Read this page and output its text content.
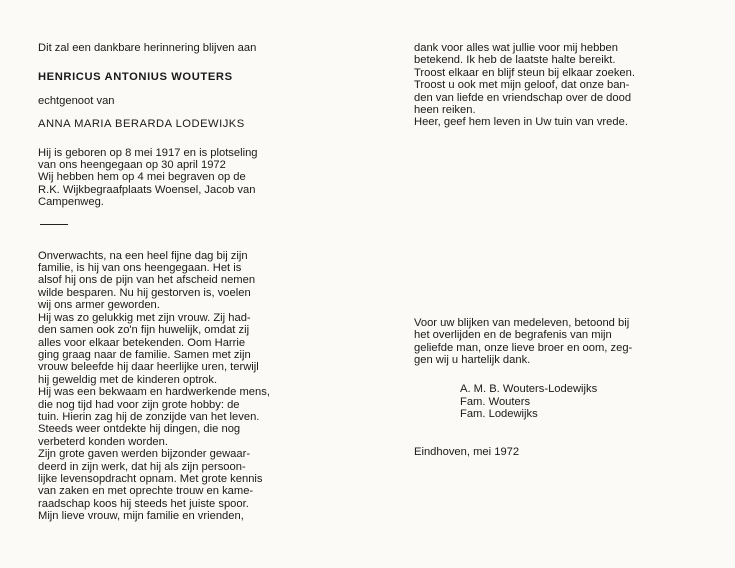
Dit zal een dankbare herinnering blijven aan
HENRICUS ANTONIUS WOUTERS
echtgenoot van
ANNA MARIA BERARDA LODEWIJKS
Hij is geboren op 8 mei 1917 en is plotseling
van ons heengegaan op 30 april 1972
Wij hebben hem op 4 mei begraven op de
R.K. Wijkbegraafplaats Woensel, Jacob van
Campenweg.
Onverwachts, na een heel fijne dag bij zijn
familie, is hij van ons heengegaan. Het is
alsof hij ons de pijn van het afscheid nemen
wilde besparen. Nu hij gestorven is, voelen
wij ons armer geworden.
Hij was zo gelukkig met zijn vrouw. Zij had-
den samen ook zo'n fijn huwelijk, omdat zij
alles voor elkaar betekenden. Oom Harrie
ging graag naar de familie. Samen met zijn
vrouw beleefde hij daar heerlijke uren, terwijl
hij geweldig met de kinderen optrok.
Hij was een bekwaam en hardwerkende mens,
die nog tijd had voor zijn grote hobby: de
tuin. Hierin zag hij de zonzijde van het leven.
Steeds weer ontdekte hij dingen, die nog
verbeterd konden worden.
Zijn grote gaven werden bijzonder gewaar-
deerd in zijn werk, dat hij als zijn persoon-
lijke levensopdracht opnam. Met grote kennis
van zaken en met oprechte trouw en kame-
raadschap koos hij steeds het juiste spoor.
Mijn lieve vrouw, mijn familie en vrienden,
dank voor alles wat jullie voor mij hebben
betekend. Ik heb de laatste halte bereikt.
Troost elkaar en blijf steun bij elkaar zoeken.
Troost u ook met mijn geloof, dat onze ban-
den van liefde en vriendschap over de dood
heen reiken.
Heer, geef hem leven in Uw tuin van vrede.
Voor uw blijken van medeleven, betoond bij
het overlijden en de begrafenis van mijn
geliefde man, onze lieve broer en oom, zeg-
gen wij u hartelijk dank.
A. M. B. Wouters-Lodewijks
Fam. Wouters
Fam. Lodewijks
Eindhoven, mei 1972
